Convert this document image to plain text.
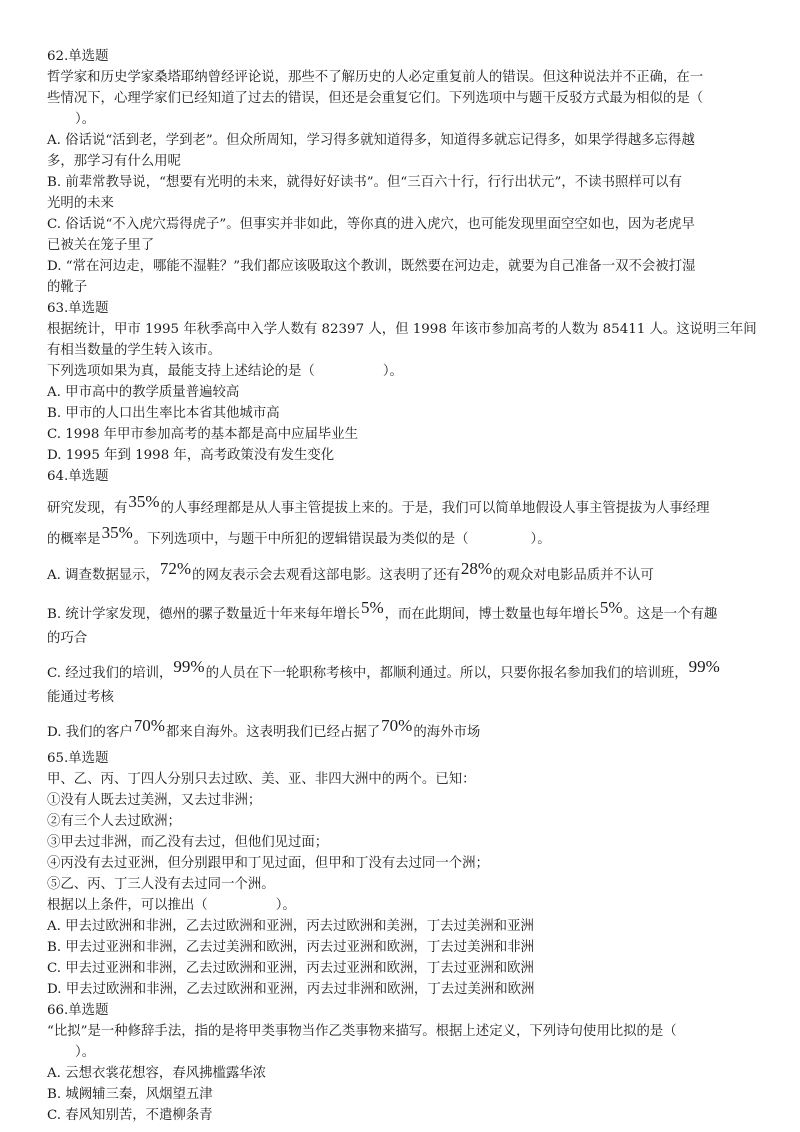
62.单选题
哲学家和历史学家桑塔耶纳曾经评论说，那些不了解历史的人必定重复前人的错误。但这种说法并不正确，在一
些情况下，心理学家们已经知道了过去的错误，但还是会重复它们。下列选项中与题干反驳方式最为相似的是（
）。
A. 俗话说“活到老，学到老”。但众所周知，学习得多就知道得多，知道得多就忘记得多，如果学得越多忘得越
多，那学习有什么用呢
B. 前辈常教导说，“想要有光明的未来，就得好好读书”。但“三百六十行，行行出状元”，不读书照样可以有
光明的未来
C. 俗话说“不入虎穴焉得虎子”。但事实并非如此，等你真的进入虎穴，也可能发现里面空空如也，因为老虎早
已被关在笼子里了
D. “常在河边走，哪能不湿鞋？”我们都应该吸取这个教训，既然要在河边走，就要为自己准备一双不会被打湿
的靴子
63.单选题
根据统计，甲市 1995 年秋季高中入学人数有 82397 人，但 1998 年该市参加高考的人数为 85411 人。这说明三年间
有相当数量的学生转入该市。
下列选项如果为真，最能支持上述结论的是（	）。
A. 甲市高中的教学质量普遍较高
B. 甲市的人口出生率比本省其他城市高
C. 1998 年甲市参加高考的基本都是高中应届毕业生
D. 1995 年到 1998 年，高考政策没有发生变化
64.单选题
研究发现，有35%的人事经理都是从人事主管提拔上来的。于是，我们可以简单地假设人事主管提拔为人事经理
的概率是35%。下列选项中，与题干中所犯的逻辑错误最为类似的是（	）。
A. 调查数据显示，72%的网友表示会去观看这部电影。这表明了还有28%的观众对电影品质并不认可
B. 统计学家发现，德州的骡子数量近十年来每年增长5%，而在此期间，博士数量也每年增长5%。这是一个有趣
的巧合
C. 经过我们的培训，99%的人员在下一轮职称考核中，都顺利通过。所以，只要你报名参加我们的培训班，99%
能通过考核
D. 我们的客户70%都来自海外。这表明我们已经占据了70%的海外市场
65.单选题
甲、乙、丙、丁四人分别只去过欧、美、亚、非四大洲中的两个。已知：
①没有人既去过美洲，又去过非洲；
②有三个人去过欧洲；
③甲去过非洲，而乙没有去过，但他们见过面；
④丙没有去过亚洲，但分别跟甲和丁见过面，但甲和丁没有去过同一个洲；
⑤乙、丙、丁三人没有去过同一个洲。
根据以上条件，可以推出（	）。
A. 甲去过欧洲和非洲，乙去过欧洲和亚洲，丙去过欧洲和美洲，丁去过美洲和亚洲
B. 甲去过亚洲和非洲，乙去过美洲和欧洲，丙去过亚洲和欧洲，丁去过美洲和非洲
C. 甲去过亚洲和非洲，乙去过欧洲和亚洲，丙去过亚洲和欧洲，丁去过亚洲和欧洲
D. 甲去过欧洲和非洲，乙去过欧洲和亚洲，丙去过非洲和欧洲，丁去过美洲和欧洲
66.单选题
“比拟”是一种修辞手法，指的是将甲类事物当作乙类事物来描写。根据上述定义，下列诗句使用比拟的是（
）。
A. 云想衣裳花想容，春风拂槛露华浓
B. 城阙辅三秦，风烟望五津
C. 春风知别苦，不遣柳条青
